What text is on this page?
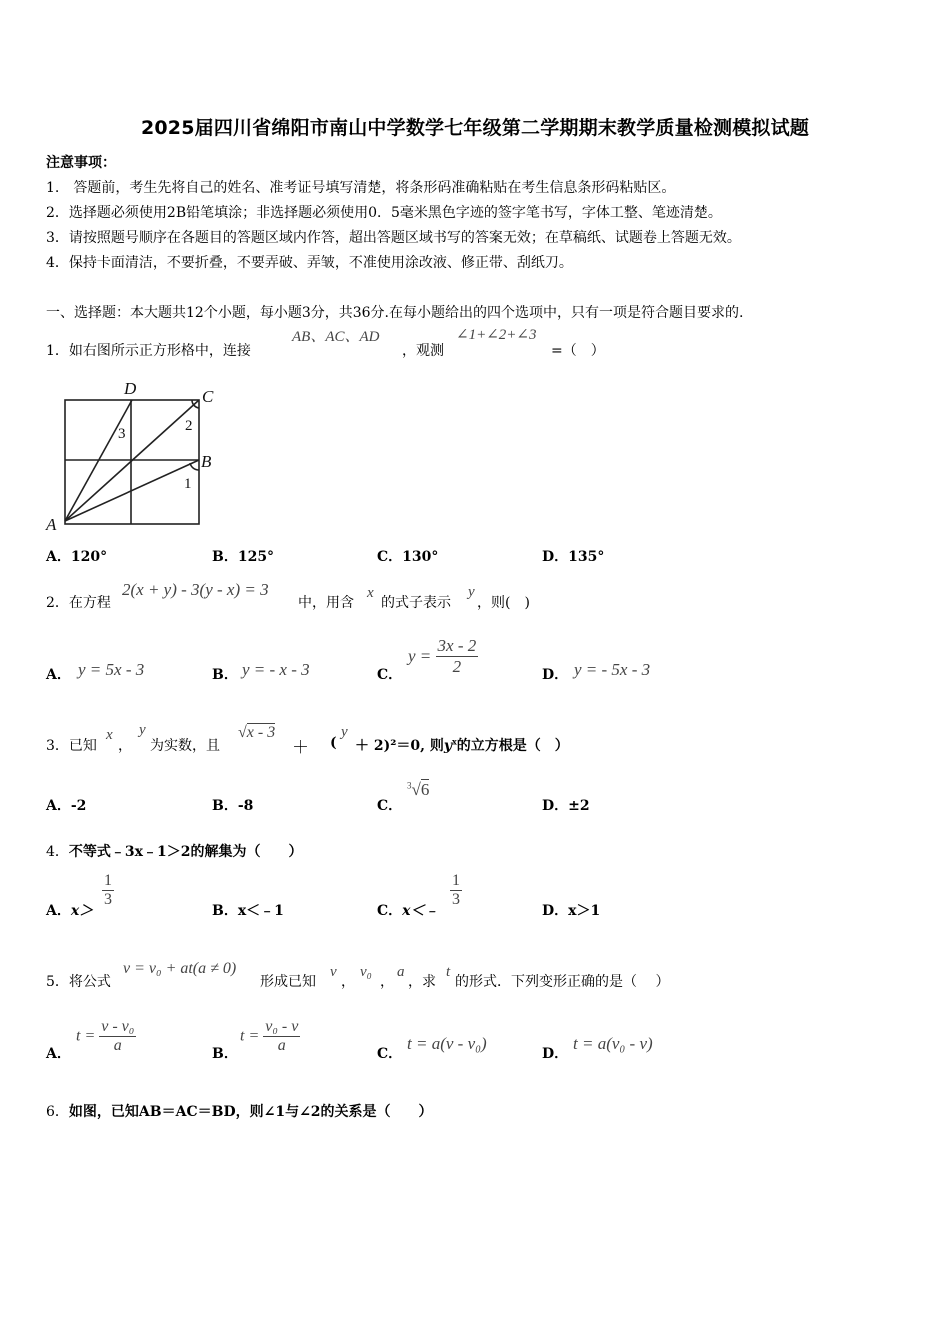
2025届四川省绵阳市南山中学数学七年级第二学期期末教学质量检测模拟试题
注意事项：
1.　答题前，考生先将自己的姓名、准考证号填写清楚，将条形码准确粘贴在考生信息条形码粘贴区。
2．选择题必须使用2B铅笔填涂；非选择题必须使用0．5毫米黑色字迹的签字笔书写，字体工整、笔迹清楚。
3．请按照题号顺序在各题目的答题区域内作答，超出答题区域书写的答案无效；在草稿纸、试题卷上答题无效。
4．保持卡面清洁，不要折叠，不要弄破、弄皱，不准使用涂改液、修正带、刮纸刀。
一、选择题：本大题共12个小题，每小题3分，共36分.在每小题给出的四个选项中，只有一项是符合题目要求的.
1．如右图所示正方形格中，连接
AB、AC、AD
，观测
∠1+∠2+∠3
=（　）
D	C
B
A
3	2
1
A．120°	B．125°	C．130°	D．135°
2．在方程
2(x + y) - 3(y - x) = 3
中，用含
x
的式子表示
y
，则(　)
A． y = 5x - 3	B． y = - x - 3	C．
$y = \frac{3x - 2}{2}$	D． y = - 5x - 3
3．已知
x
，
y
为实数，且
√x - 3
＋ (
y
＋ 2)²＝0, 则$y^x$的立方根是（　）
A．-2	B．-8	C．
$^3$√6
D．±2
4．不等式﹣3x﹣1＞2的解集为（　　）
A．x＞
$\frac{1}{3}$
B．x＜﹣1	C．x＜﹣
$\frac{1}{3}$
D．x＞1
5．将公式
v = v₀ + at(a ≠ 0)
形成已知
v
，
v₀
，
a
，求
t
的形式．下列变形正确的是（　 ）
A．
$t = \frac{\text{v - v₀}}{a}$	B．
$t = \frac{\text{v₀ - v}}{a}$	C．
t = a(v - v₀)
D．
t = a(v₀ - v)
6．如图，已知AB＝AC＝BD，则∠1与∠2的关系是（　　）
